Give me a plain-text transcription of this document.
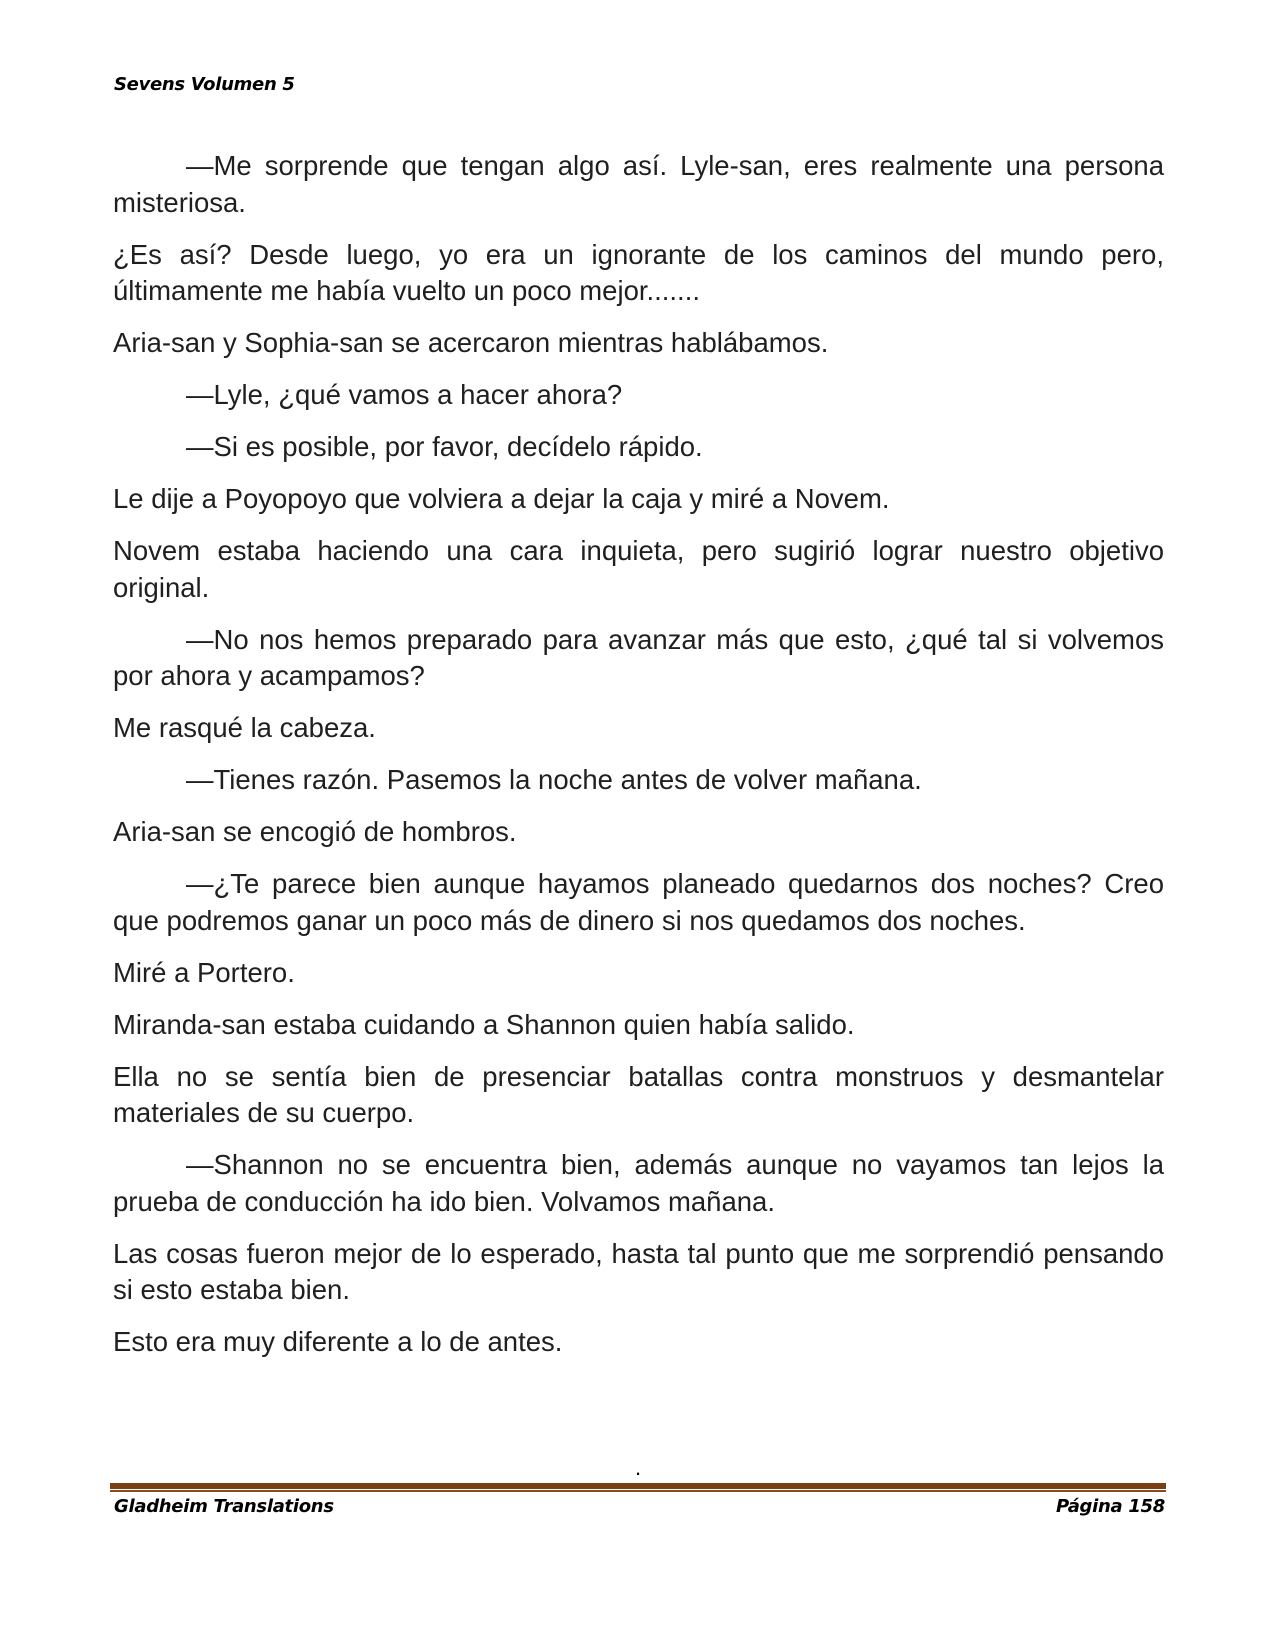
Sevens Volumen 5

—Me sorprende que tengan algo así. Lyle-san, eres realmente una persona misteriosa.

¿Es así? Desde luego, yo era un ignorante de los caminos del mundo pero, últimamente me había vuelto un poco mejor.......

Aria-san y Sophia-san se acercaron mientras hablábamos.

—Lyle, ¿qué vamos a hacer ahora?

—Si es posible, por favor, decídelo rápido.

Le dije a Poyopoyo que volviera a dejar la caja y miré a Novem.

Novem estaba haciendo una cara inquieta, pero sugirió lograr nuestro objetivo original.

—No nos hemos preparado para avanzar más que esto, ¿qué tal si volvemos por ahora y acampamos?

Me rasqué la cabeza.

—Tienes razón. Pasemos la noche antes de volver mañana.

Aria-san se encogió de hombros.

—¿Te parece bien aunque hayamos planeado quedarnos dos noches? Creo que podremos ganar un poco más de dinero si nos quedamos dos noches.

Miré a Portero.

Miranda-san estaba cuidando a Shannon quien había salido.

Ella no se sentía bien de presenciar batallas contra monstruos y desmantelar materiales de su cuerpo.

—Shannon no se encuentra bien, además aunque no vayamos tan lejos la prueba de conducción ha ido bien. Volvamos mañana.

Las cosas fueron mejor de lo esperado, hasta tal punto que me sorprendió pensando si esto estaba bien.

Esto era muy diferente a lo de antes.

.
Gladheim Translations	Página 158
